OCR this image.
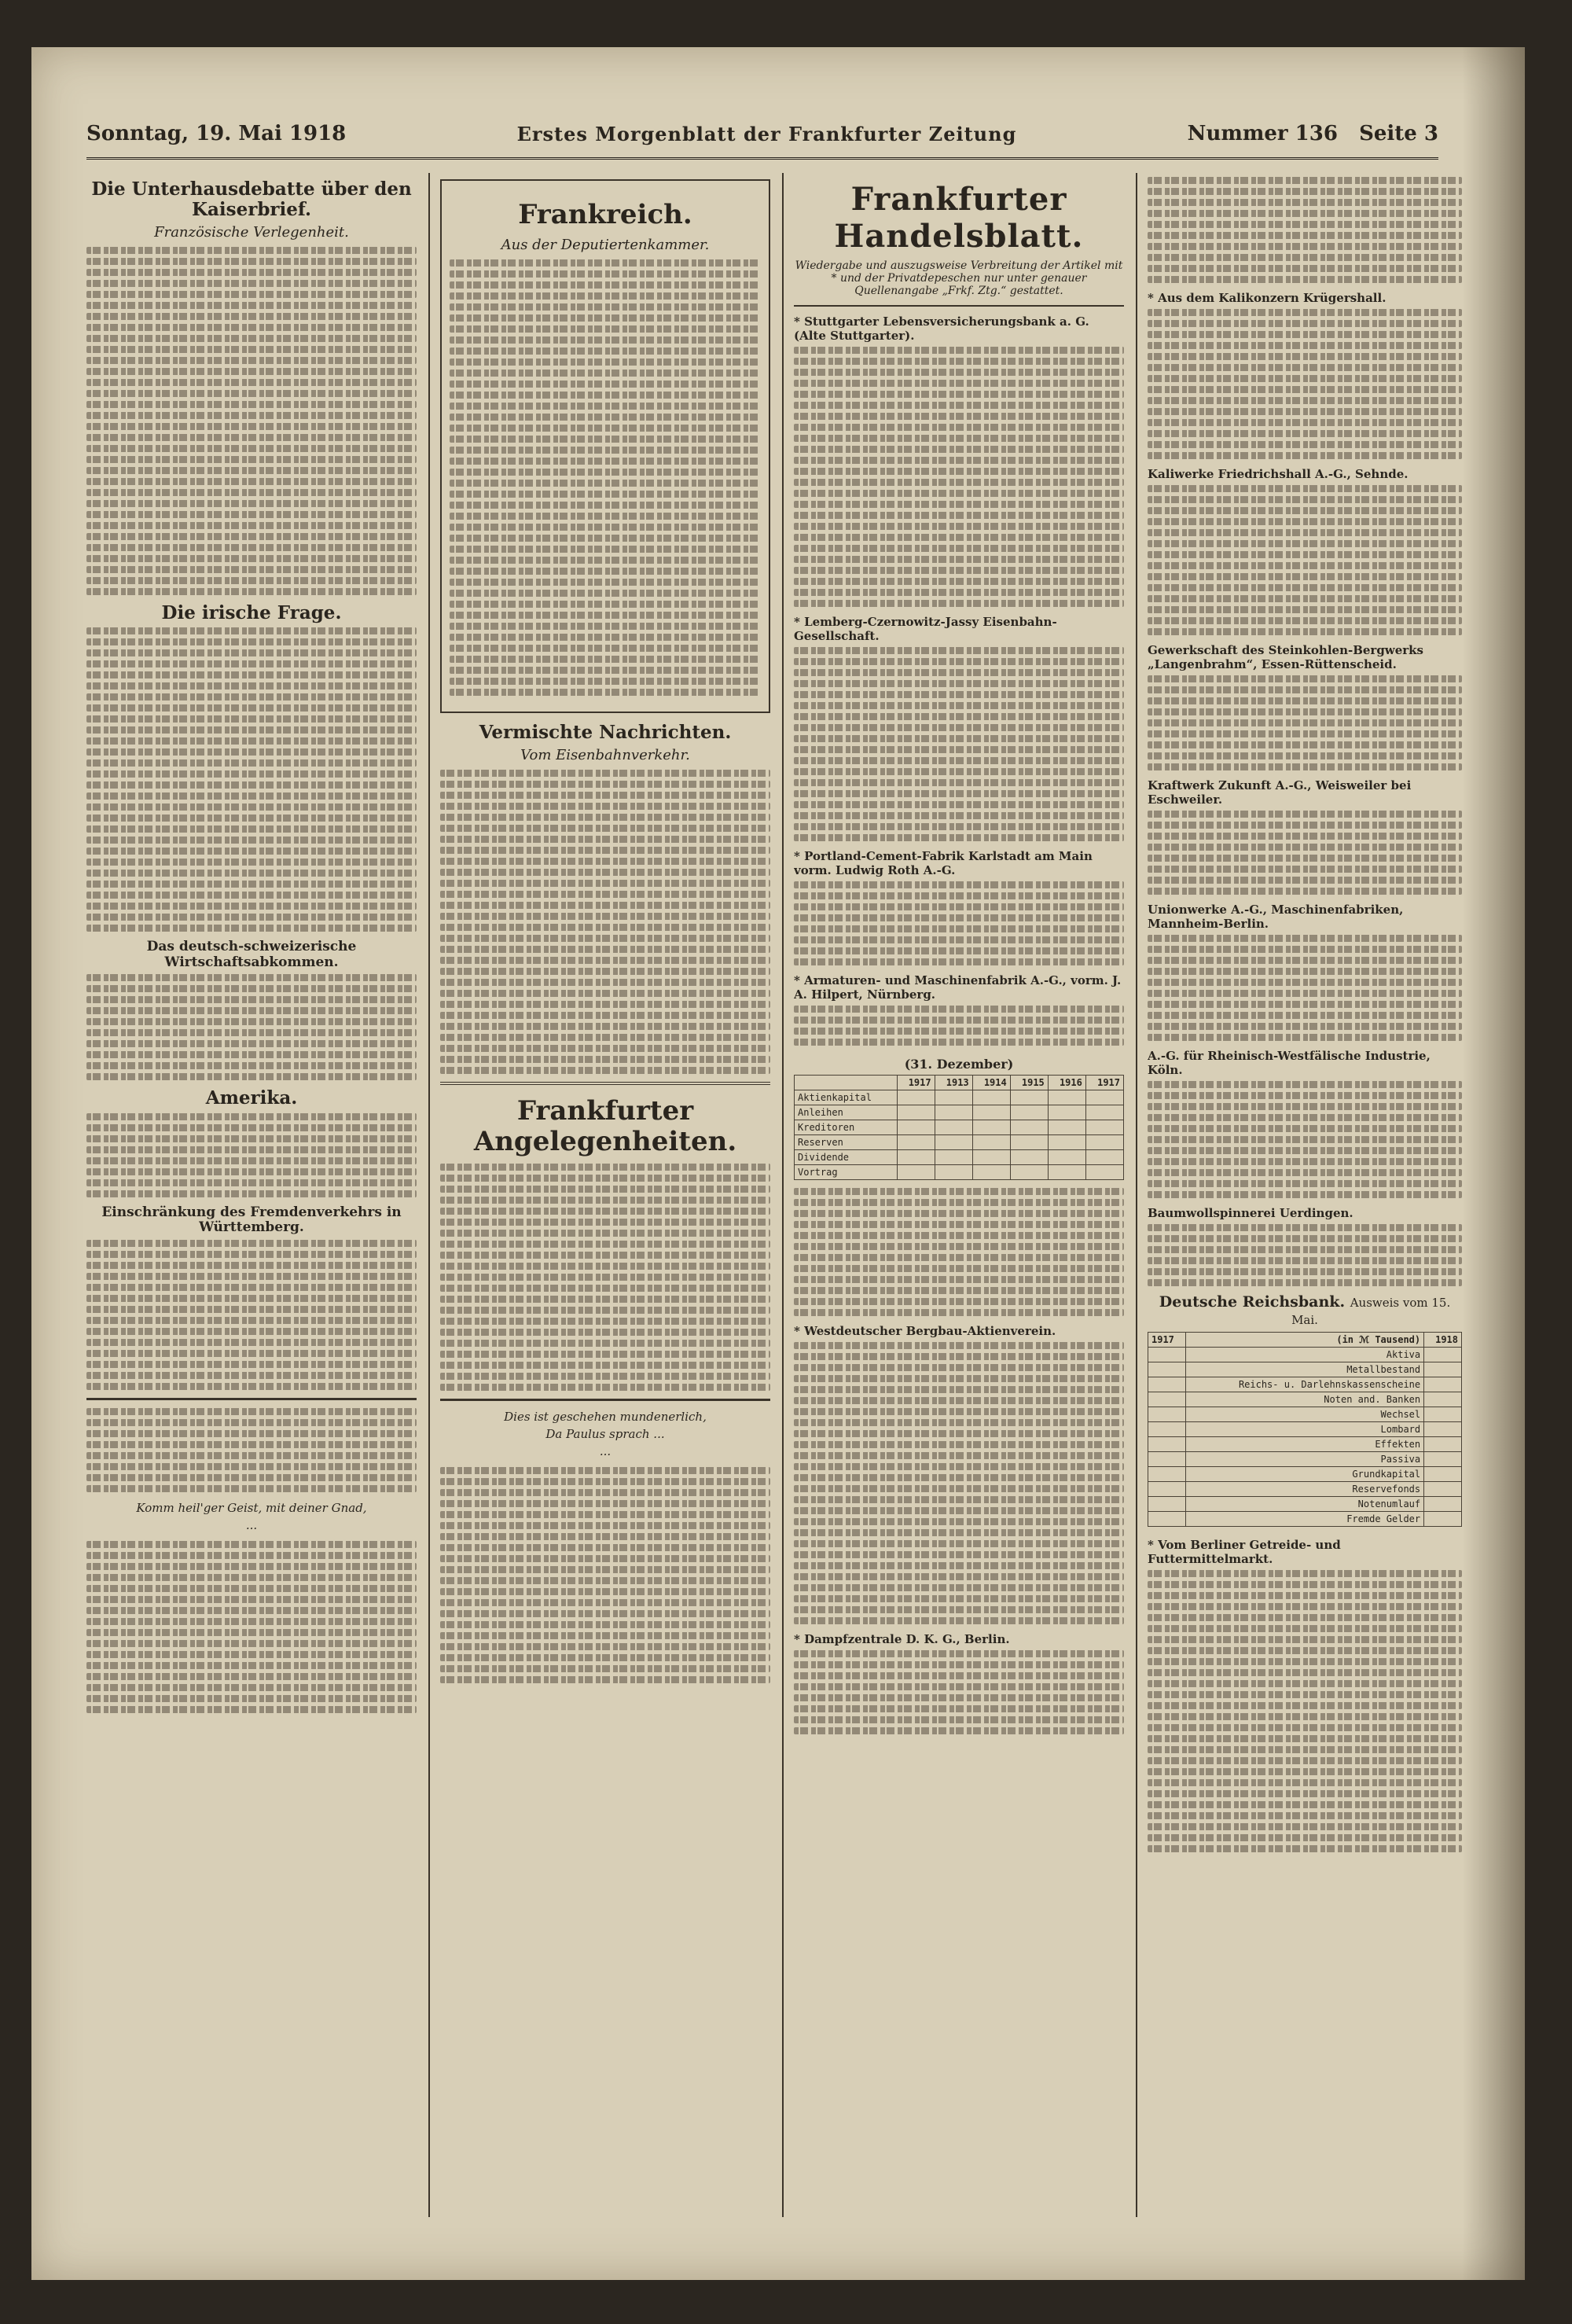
Sonntag, 19. Mai 1918	Erstes Morgenblatt der Frankfurter Zeitung	Nummer 136 Seite 3
Die Unterhausdebatte über den Kaiserbrief.
Französische Verlegenheit.
Die irische Frage.
Das deutsch-schweizerische Wirtschaftsabkommen.
Amerika.
Einschränkung des Fremdenverkehrs in Württemberg.
Komm heil'ger Geist, mit deiner Gnad,
...
Frankreich.
Aus der Deputiertenkammer.
Vermischte Nachrichten.
Vom Eisenbahnverkehr.
Frankfurter Angelegenheiten.
Dies ist geschehen mundenerlich,
Da Paulus sprach ...
...
Frankfurter Handelsblatt.
Wiedergabe und auszugsweise Verbreitung der Artikel mit * und der Privatdepeschen nur unter genauer Quellenangabe „Frkf. Ztg.“ gestattet.
* Stuttgarter Lebensversicherungsbank a. G. (Alte Stuttgarter).
* Lemberg-Czernowitz-Jassy Eisenbahn-Gesellschaft.
* Portland-Cement-Fabrik Karlstadt am Main vorm. Ludwig Roth A.-G.
* Armaturen- und Maschinenfabrik A.-G., vorm. J. A. Hilpert, Nürnberg.
(31. Dezember)
	1917	1913	1914	1915	1916	1917
Aktienkapital						
Anleihen						
Kreditoren						
Reserven						
Dividende						
Vortrag						
* Westdeutscher Bergbau-Aktienverein.
* Dampfzentrale D. K. G., Berlin.
* Aus dem Kalikonzern Krügershall.
Kaliwerke Friedrichshall A.-G., Sehnde.
Gewerkschaft des Steinkohlen-Bergwerks „Langenbrahm“, Essen-Rüttenscheid.
Kraftwerk Zukunft A.-G., Weisweiler bei Eschweiler.
Unionwerke A.-G., Maschinenfabriken, Mannheim-Berlin.
A.-G. für Rheinisch-Westfälische Industrie, Köln.
Baumwollspinnerei Uerdingen.
Deutsche Reichsbank. Ausweis vom 15. Mai.
1917	(in ℳ Tausend)	1918
	Aktiva	
	Metallbestand	
	Reichs- u. Darlehnskassenscheine	
	Noten and. Banken	
	Wechsel	
	Lombard	
	Effekten	
	Passiva	
	Grundkapital	
	Reservefonds	
	Notenumlauf	
	Fremde Gelder	
* Vom Berliner Getreide- und Futtermittelmarkt.
